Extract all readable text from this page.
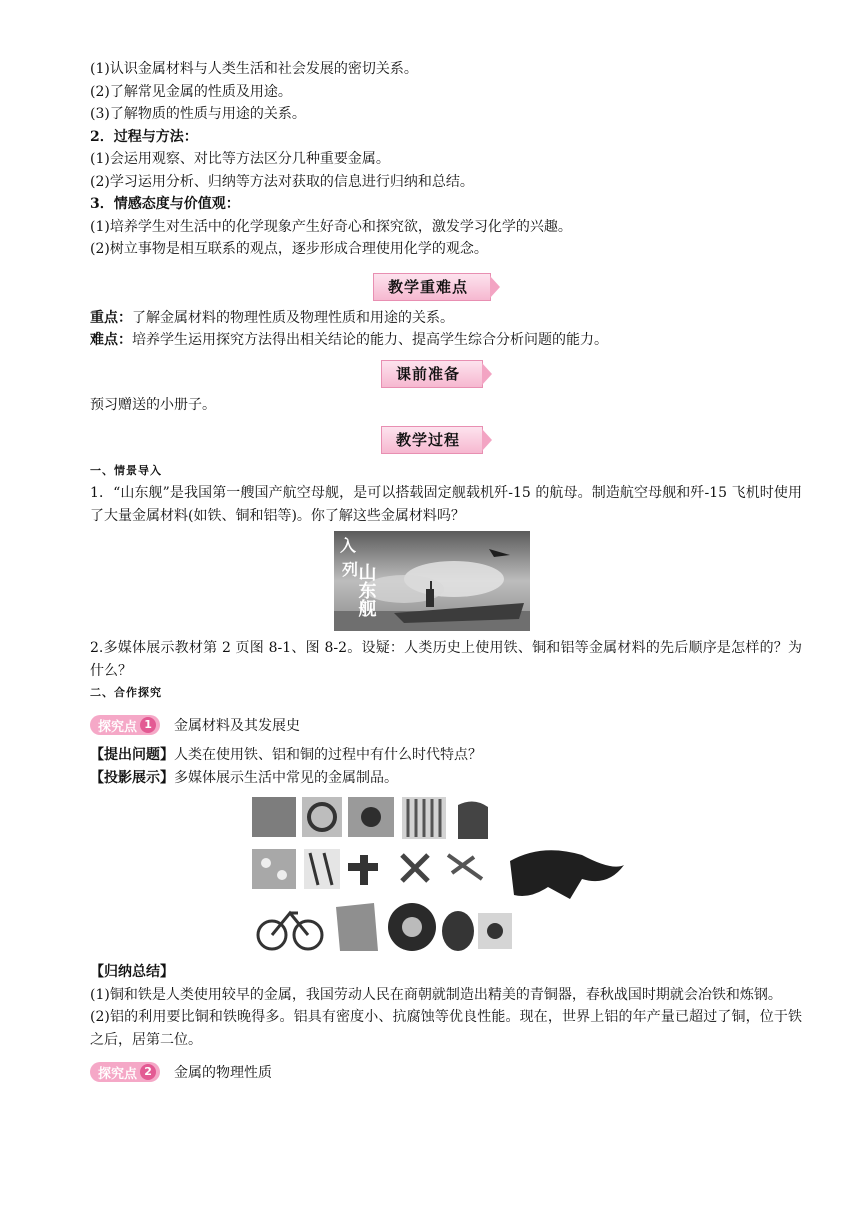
(1)认识金属材料与人类生活和社会发展的密切关系。
(2)了解常见金属的性质及用途。
(3)了解物质的性质与用途的关系。
2．过程与方法：
(1)会运用观察、对比等方法区分几种重要金属。
(2)学习运用分析、归纳等方法对获取的信息进行归纳和总结。
3．情感态度与价值观：
(1)培养学生对生活中的化学现象产生好奇心和探究欲，激发学习化学的兴趣。
(2)树立事物是相互联系的观点，逐步形成合理使用化学的观念。
教学重难点
重点：了解金属材料的物理性质及物理性质和用途的关系。
难点：培养学生运用探究方法得出相关结论的能力、提高学生综合分析问题的能力。
课前准备
预习赠送的小册子。
教学过程
一、情景导入
1．“山东舰”是我国第一艘国产航空母舰，是可以搭载固定舰载机歼-15 的航母。制造航空母舰和歼-15 飞机时使用了大量金属材料(如铁、铜和铝等)。你了解这些金属材料吗？
入
列
山东舰
2.多媒体展示教材第 2 页图 8-1、图 8-2。设疑：人类历史上使用铁、铜和铝等金属材料的先后顺序是怎样的？为什么？
二、合作探究
探究点 1 金属材料及其发展史
【提出问题】人类在使用铁、铝和铜的过程中有什么时代特点？
【投影展示】多媒体展示生活中常见的金属制品。
【归纳总结】
(1)铜和铁是人类使用较早的金属，我国劳动人民在商朝就制造出精美的青铜器，春秋战国时期就会冶铁和炼钢。
(2)铝的利用要比铜和铁晚得多。铝具有密度小、抗腐蚀等优良性能。现在，世界上铝的年产量已超过了铜，位于铁之后，居第二位。
探究点 2 金属的物理性质
